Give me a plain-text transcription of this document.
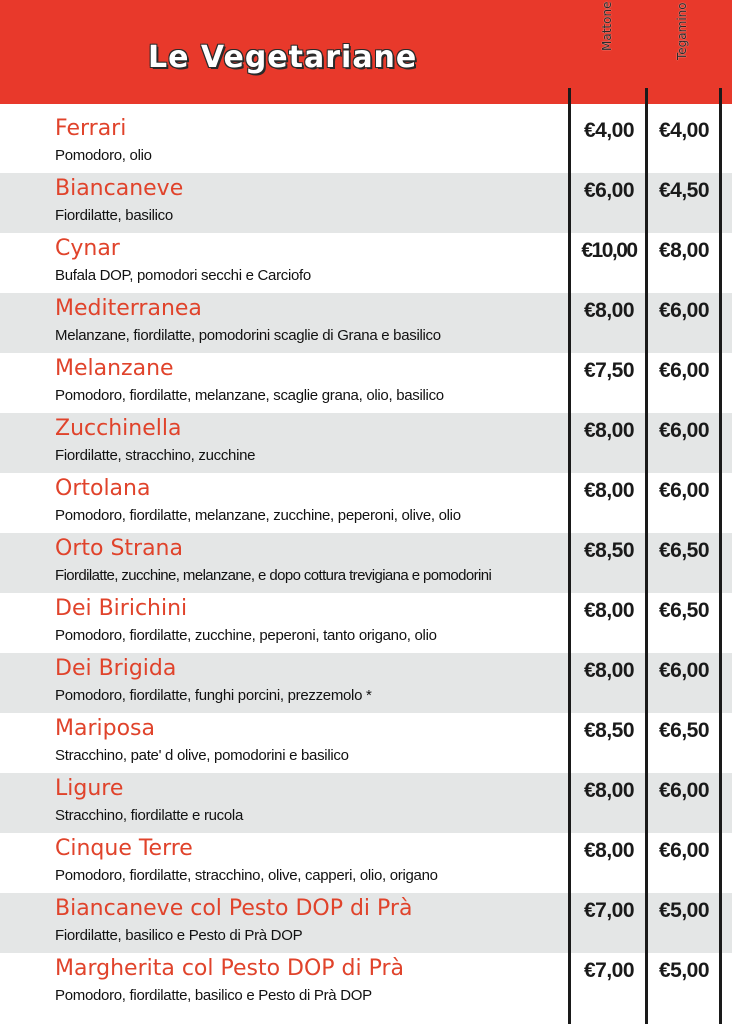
Le Vegetariane
Mattone	Tegamino
Ferrari
Pomodoro, olio
€4,00	€4,00
Biancaneve
Fiordilatte, basilico
€6,00	€4,50
Cynar
Bufala DOP, pomodori secchi e Carciofo
€10,00	€8,00
Mediterranea
Melanzane, fiordilatte, pomodorini scaglie di Grana e basilico
€8,00	€6,00
Melanzane
Pomodoro, fiordilatte, melanzane, scaglie grana, olio, basilico
€7,50	€6,00
Zucchinella
Fiordilatte, stracchino, zucchine
€8,00	€6,00
Ortolana
Pomodoro, fiordilatte, melanzane, zucchine, peperoni, olive, olio
€8,00	€6,00
Orto Strana
Fiordilatte, zucchine, melanzane, e dopo cottura trevigiana e pomodorini
€8,50	€6,50
Dei Birichini
Pomodoro, fiordilatte, zucchine, peperoni, tanto origano, olio
€8,00	€6,50
Dei Brigida
Pomodoro, fiordilatte, funghi porcini, prezzemolo *
€8,00	€6,00
Mariposa
Stracchino, pate' d olive, pomodorini e basilico
€8,50	€6,50
Ligure
Stracchino, fiordilatte e rucola
€8,00	€6,00
Cinque Terre
Pomodoro, fiordilatte, stracchino, olive, capperi, olio, origano
€8,00	€6,00
Biancaneve col Pesto DOP di Prà
Fiordilatte, basilico e Pesto di Prà DOP
€7,00	€5,00
Margherita col Pesto DOP di Prà
Pomodoro, fiordilatte, basilico e Pesto di Prà DOP
€7,00	€5,00
